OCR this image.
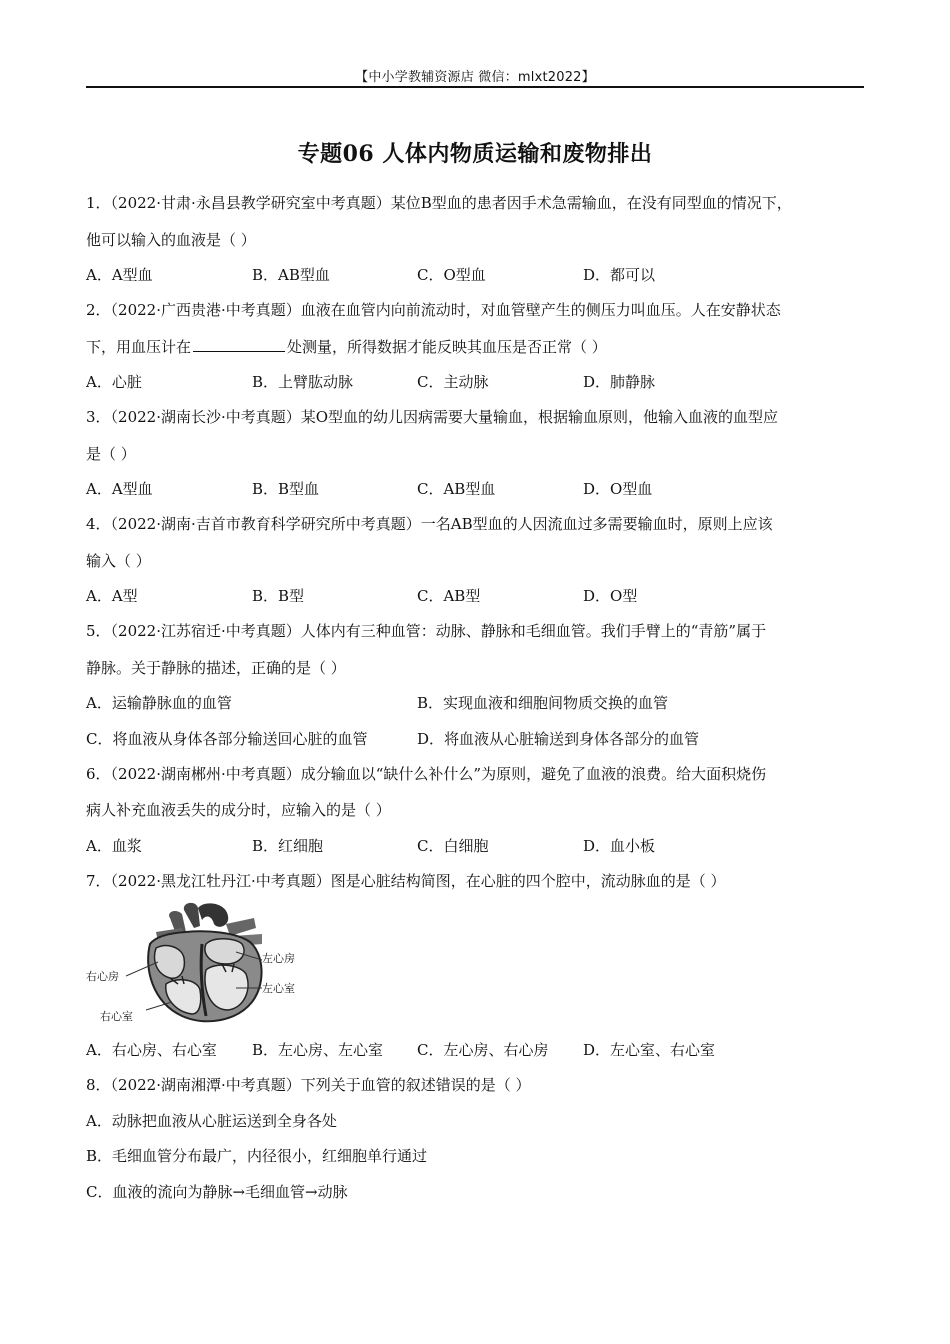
【中小学教辅资源店 微信：mlxt2022】
专题06 人体内物质运输和废物排出
1．（2022·甘肃·永昌县教学研究室中考真题）某位B型血的患者因手术急需输血，在没有同型血的情况下，
他可以输入的血液是（ ）
A．A型血	B．AB型血	C．O型血	D．都可以
2．（2022·广西贵港·中考真题）血液在血管内向前流动时，对血管壁产生的侧压力叫血压。人在安静状态
下，用血压计在	处测量，所得数据才能反映其血压是否正常（ ）
A．心脏	B．上臂肱动脉	C．主动脉	D．肺静脉
3．（2022·湖南长沙·中考真题）某O型血的幼儿因病需要大量输血，根据输血原则，他输入血液的血型应
是（ ）
A．A型血	B．B型血	C．AB型血	D．O型血
4．（2022·湖南·吉首市教育科学研究所中考真题）一名AB型血的人因流血过多需要输血时，原则上应该
输入（ ）
A．A型	B．B型	C．AB型	D．O型
5．（2022·江苏宿迁·中考真题）人体内有三种血管：动脉、静脉和毛细血管。我们手臂上的“青筋”属于
静脉。关于静脉的描述，正确的是（ ）
A．运输静脉血的血管	B．实现血液和细胞间物质交换的血管
C．将血液从身体各部分输送回心脏的血管	D．将血液从心脏输送到身体各部分的血管
6．（2022·湖南郴州·中考真题）成分输血以“缺什么补什么”为原则，避免了血液的浪费。给大面积烧伤
病人补充血液丢失的成分时，应输入的是（ ）
A．血浆	B．红细胞	C．白细胞	D．血小板
7．（2022·黑龙江牡丹江·中考真题）图是心脏结构简图，在心脏的四个腔中，流动脉血的是（ ）
左心房
右心房
左心室
右心室
A．右心房、右心室 B．左心房、左心室 C．左心房、右心房 D．左心室、右心室
8．（2022·湖南湘潭·中考真题）下列关于血管的叙述错误的是（ ）
A．动脉把血液从心脏运送到全身各处
B．毛细血管分布最广，内径很小，红细胞单行通过
C．血液的流向为静脉→毛细血管→动脉
